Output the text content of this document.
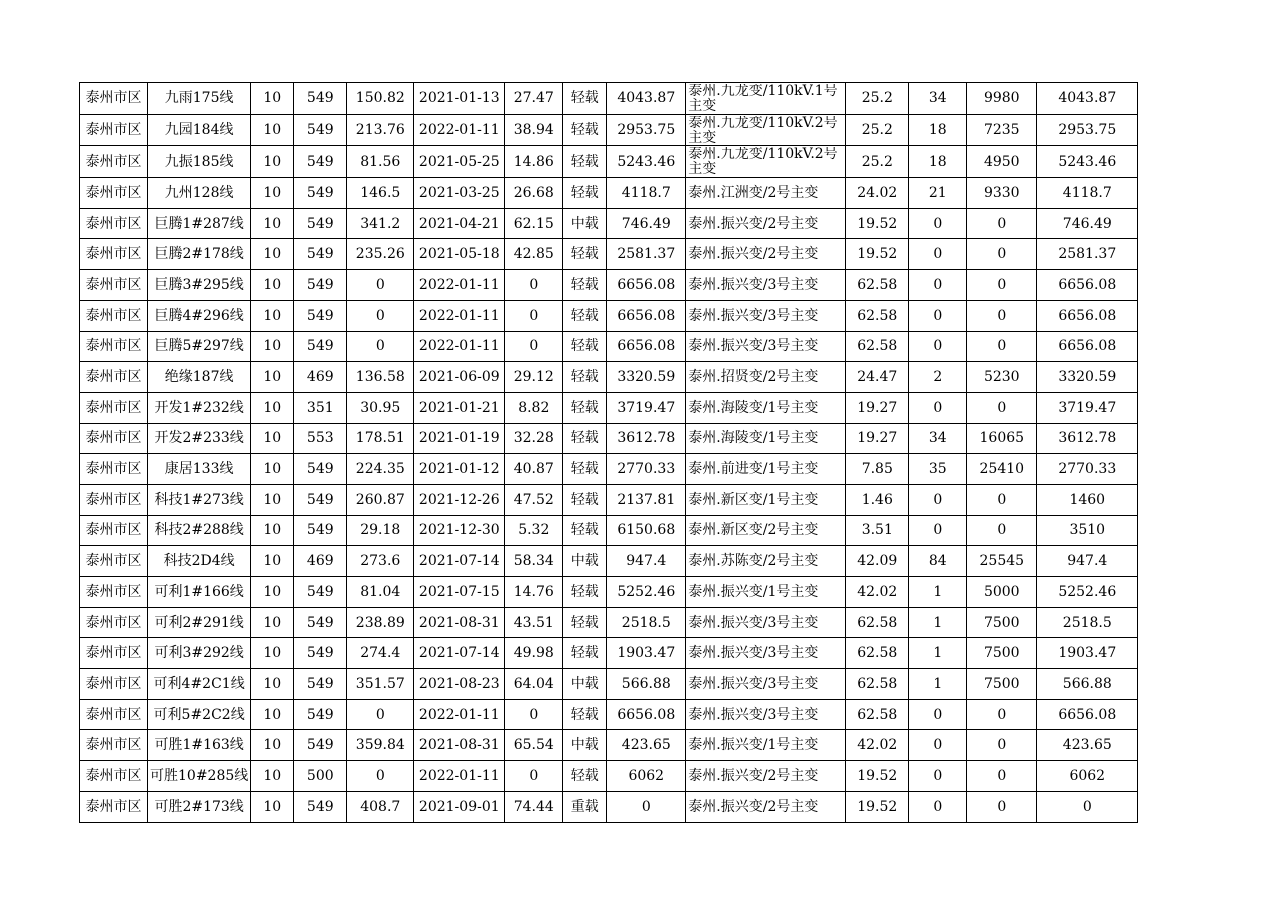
泰州市区	九雨175线	10	549	150.82	2021-01-13	27.47	轻载	4043.87	泰州.九龙变/110kV.1号主变	25.2	34	9980	4043.87
泰州市区	九园184线	10	549	213.76	2022-01-11	38.94	轻载	2953.75	泰州.九龙变/110kV.2号主变	25.2	18	7235	2953.75
泰州市区	九振185线	10	549	81.56	2021-05-25	14.86	轻载	5243.46	泰州.九龙变/110kV.2号主变	25.2	18	4950	5243.46
泰州市区	九州128线	10	549	146.5	2021-03-25	26.68	轻载	4118.7	泰州.江洲变/2号主变	24.02	21	9330	4118.7
泰州市区	巨腾1#287线	10	549	341.2	2021-04-21	62.15	中载	746.49	泰州.振兴变/2号主变	19.52	0	0	746.49
泰州市区	巨腾2#178线	10	549	235.26	2021-05-18	42.85	轻载	2581.37	泰州.振兴变/2号主变	19.52	0	0	2581.37
泰州市区	巨腾3#295线	10	549	0	2022-01-11	0	轻载	6656.08	泰州.振兴变/3号主变	62.58	0	0	6656.08
泰州市区	巨腾4#296线	10	549	0	2022-01-11	0	轻载	6656.08	泰州.振兴变/3号主变	62.58	0	0	6656.08
泰州市区	巨腾5#297线	10	549	0	2022-01-11	0	轻载	6656.08	泰州.振兴变/3号主变	62.58	0	0	6656.08
泰州市区	绝缘187线	10	469	136.58	2021-06-09	29.12	轻载	3320.59	泰州.招贤变/2号主变	24.47	2	5230	3320.59
泰州市区	开发1#232线	10	351	30.95	2021-01-21	8.82	轻载	3719.47	泰州.海陵变/1号主变	19.27	0	0	3719.47
泰州市区	开发2#233线	10	553	178.51	2021-01-19	32.28	轻载	3612.78	泰州.海陵变/1号主变	19.27	34	16065	3612.78
泰州市区	康居133线	10	549	224.35	2021-01-12	40.87	轻载	2770.33	泰州.前进变/1号主变	7.85	35	25410	2770.33
泰州市区	科技1#273线	10	549	260.87	2021-12-26	47.52	轻载	2137.81	泰州.新区变/1号主变	1.46	0	0	1460
泰州市区	科技2#288线	10	549	29.18	2021-12-30	5.32	轻载	6150.68	泰州.新区变/2号主变	3.51	0	0	3510
泰州市区	科技2D4线	10	469	273.6	2021-07-14	58.34	中载	947.4	泰州.苏陈变/2号主变	42.09	84	25545	947.4
泰州市区	可利1#166线	10	549	81.04	2021-07-15	14.76	轻载	5252.46	泰州.振兴变/1号主变	42.02	1	5000	5252.46
泰州市区	可利2#291线	10	549	238.89	2021-08-31	43.51	轻载	2518.5	泰州.振兴变/3号主变	62.58	1	7500	2518.5
泰州市区	可利3#292线	10	549	274.4	2021-07-14	49.98	轻载	1903.47	泰州.振兴变/3号主变	62.58	1	7500	1903.47
泰州市区	可利4#2C1线	10	549	351.57	2021-08-23	64.04	中载	566.88	泰州.振兴变/3号主变	62.58	1	7500	566.88
泰州市区	可利5#2C2线	10	549	0	2022-01-11	0	轻载	6656.08	泰州.振兴变/3号主变	62.58	0	0	6656.08
泰州市区	可胜1#163线	10	549	359.84	2021-08-31	65.54	中载	423.65	泰州.振兴变/1号主变	42.02	0	0	423.65
泰州市区	可胜10#285线	10	500	0	2022-01-11	0	轻载	6062	泰州.振兴变/2号主变	19.52	0	0	6062
泰州市区	可胜2#173线	10	549	408.7	2021-09-01	74.44	重载	0	泰州.振兴变/2号主变	19.52	0	0	0
